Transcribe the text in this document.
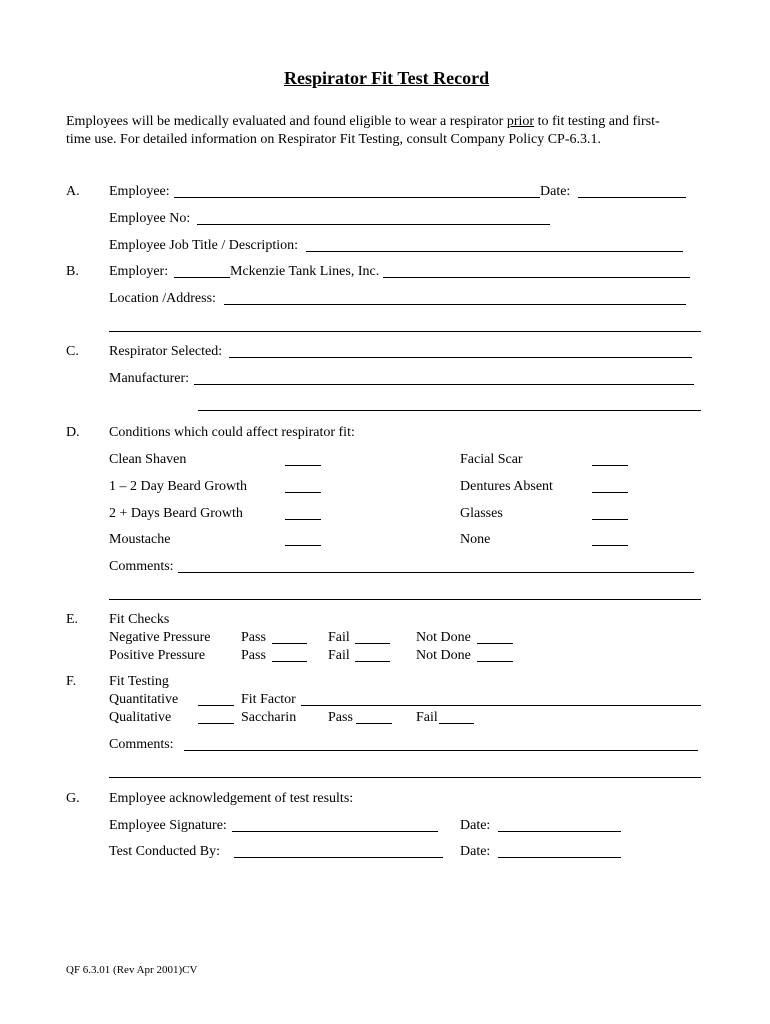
Respirator Fit Test Record
Employees will be medically evaluated and found eligible to wear a respirator prior to fit testing and first-
time use. For detailed information on Respirator Fit Testing, consult Company Policy CP-6.3.1.
A. Employee:	Date:
Employee No:
Employee Job Title / Description:
B. Employer:	Mckenzie Tank Lines, Inc.
Location /Address:
C. Respirator Selected:
Manufacturer:
D. Conditions which could affect respirator fit:
Clean Shaven	Facial Scar
1 – 2 Day Beard Growth	Dentures Absent
2 + Days Beard Growth	Glasses
Moustache	None
Comments:
E. Fit Checks
Negative Pressure Pass	Fail	Not Done
Positive Pressure	Pass	Fail	Not Done
F. Fit Testing
Quantitative	Fit Factor
Qualitative	Saccharin Pass	Fail
Comments:
G. Employee acknowledgement of test results:
Employee Signature:	Date:
Test Conducted By:	Date:
QF 6.3.01 (Rev Apr 2001)CV
